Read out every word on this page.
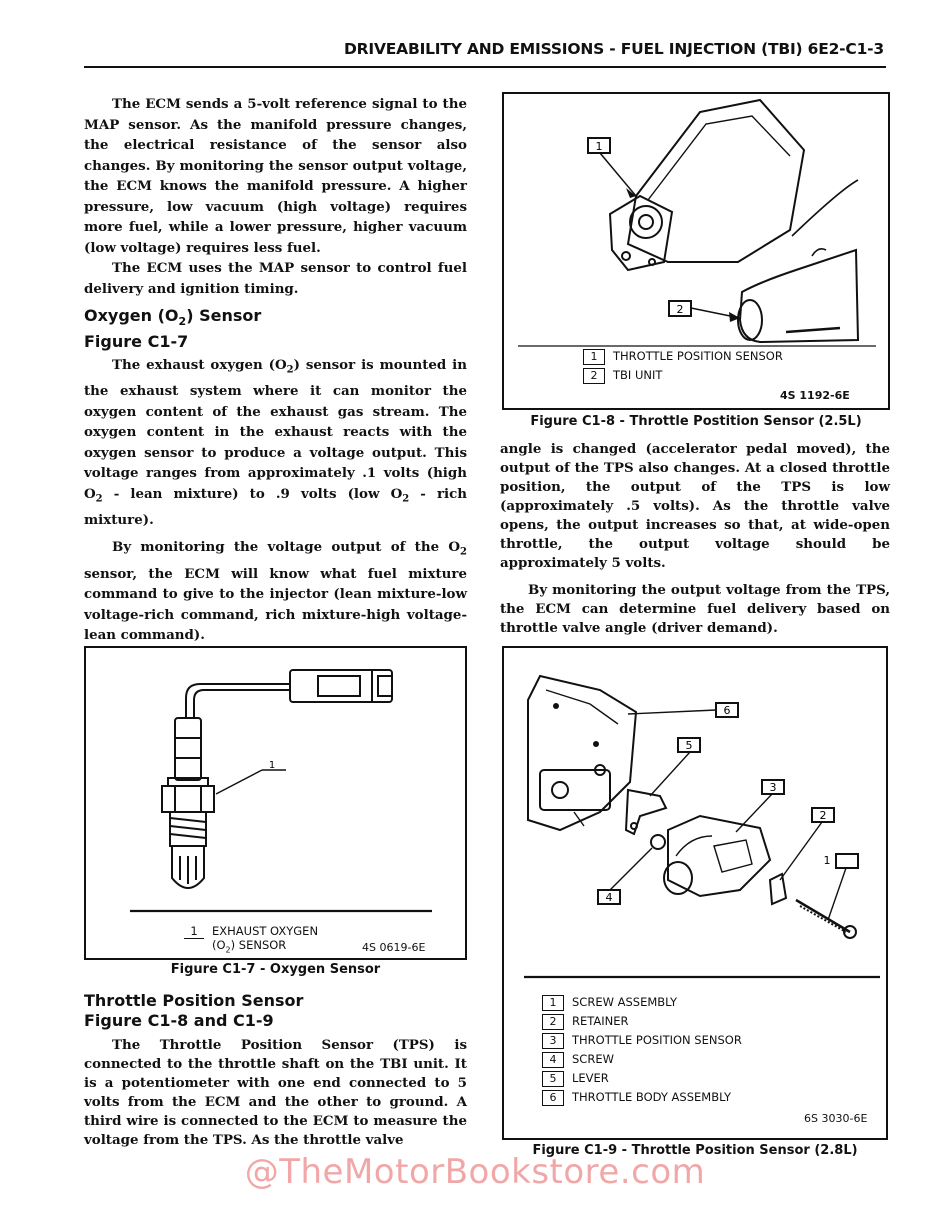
DRIVEABILITY AND EMISSIONS - FUEL INJECTION (TBI) 6E2-C1-3

The ECM sends a 5-volt reference signal to the MAP sensor. As the manifold pressure changes, the electrical resistance of the sensor also changes. By monitoring the sensor output voltage, the ECM knows the manifold pressure. A higher pressure, low vacuum (high voltage) requires more fuel, while a lower pressure, higher vacuum (low voltage) requires less fuel.

The ECM uses the MAP sensor to control fuel delivery and ignition timing.

Oxygen $(O_2)$ Sensor
Figure C1-7

The exhaust oxygen $(O_2)$ sensor is mounted in the exhaust system where it can monitor the oxygen content of the exhaust gas stream. The oxygen content in the exhaust reacts with the oxygen sensor to produce a voltage output. This voltage ranges from approximately .1 volts (high $O_2$ - lean mixture) to .9 volts (low $O_2$ - rich mixture).

By monitoring the voltage output of the $O_2$ sensor, the ECM will know what fuel mixture command to give to the injector (lean mixture-low voltage-rich command, rich mixture-high voltage-lean command).

1
1 EXHAUST OXYGEN
$(O_2)$ SENSOR	4S 0619-6E
Figure C1-7 - Oxygen Sensor
Throttle Position Sensor
Figure C1-8 and C1-9

The Throttle Position Sensor (TPS) is connected to the throttle shaft on the TBI unit. It is a potentiometer with one end connected to 5 volts from the ECM and the other to ground. A third wire is connected to the ECM to measure the voltage from the TPS. As the throttle valve

1
2
1 THROTTLE POSITION SENSOR
2 TBI UNIT
4S 1192-6E
Figure C1-8 - Throttle Postition Sensor (2.5L)

angle is changed (accelerator pedal moved), the output of the TPS also changes. At a closed throttle position, the output of the TPS is low (approximately .5 volts). As the throttle valve opens, the output increases so that, at wide-open throttle, the output voltage should be approximately 5 volts.

By monitoring the output voltage from the TPS, the ECM can determine fuel delivery based on throttle valve angle (driver demand).

1
2
3
4
5
6
1 SCREW ASSEMBLY
2 RETAINER
3 THROTTLE POSITION SENSOR
4 SCREW
5 LEVER
6 THROTTLE BODY ASSEMBLY
6S 3030-6E
Figure C1-9 - Throttle Position Sensor (2.8L)
@TheMotorBookstore.com
